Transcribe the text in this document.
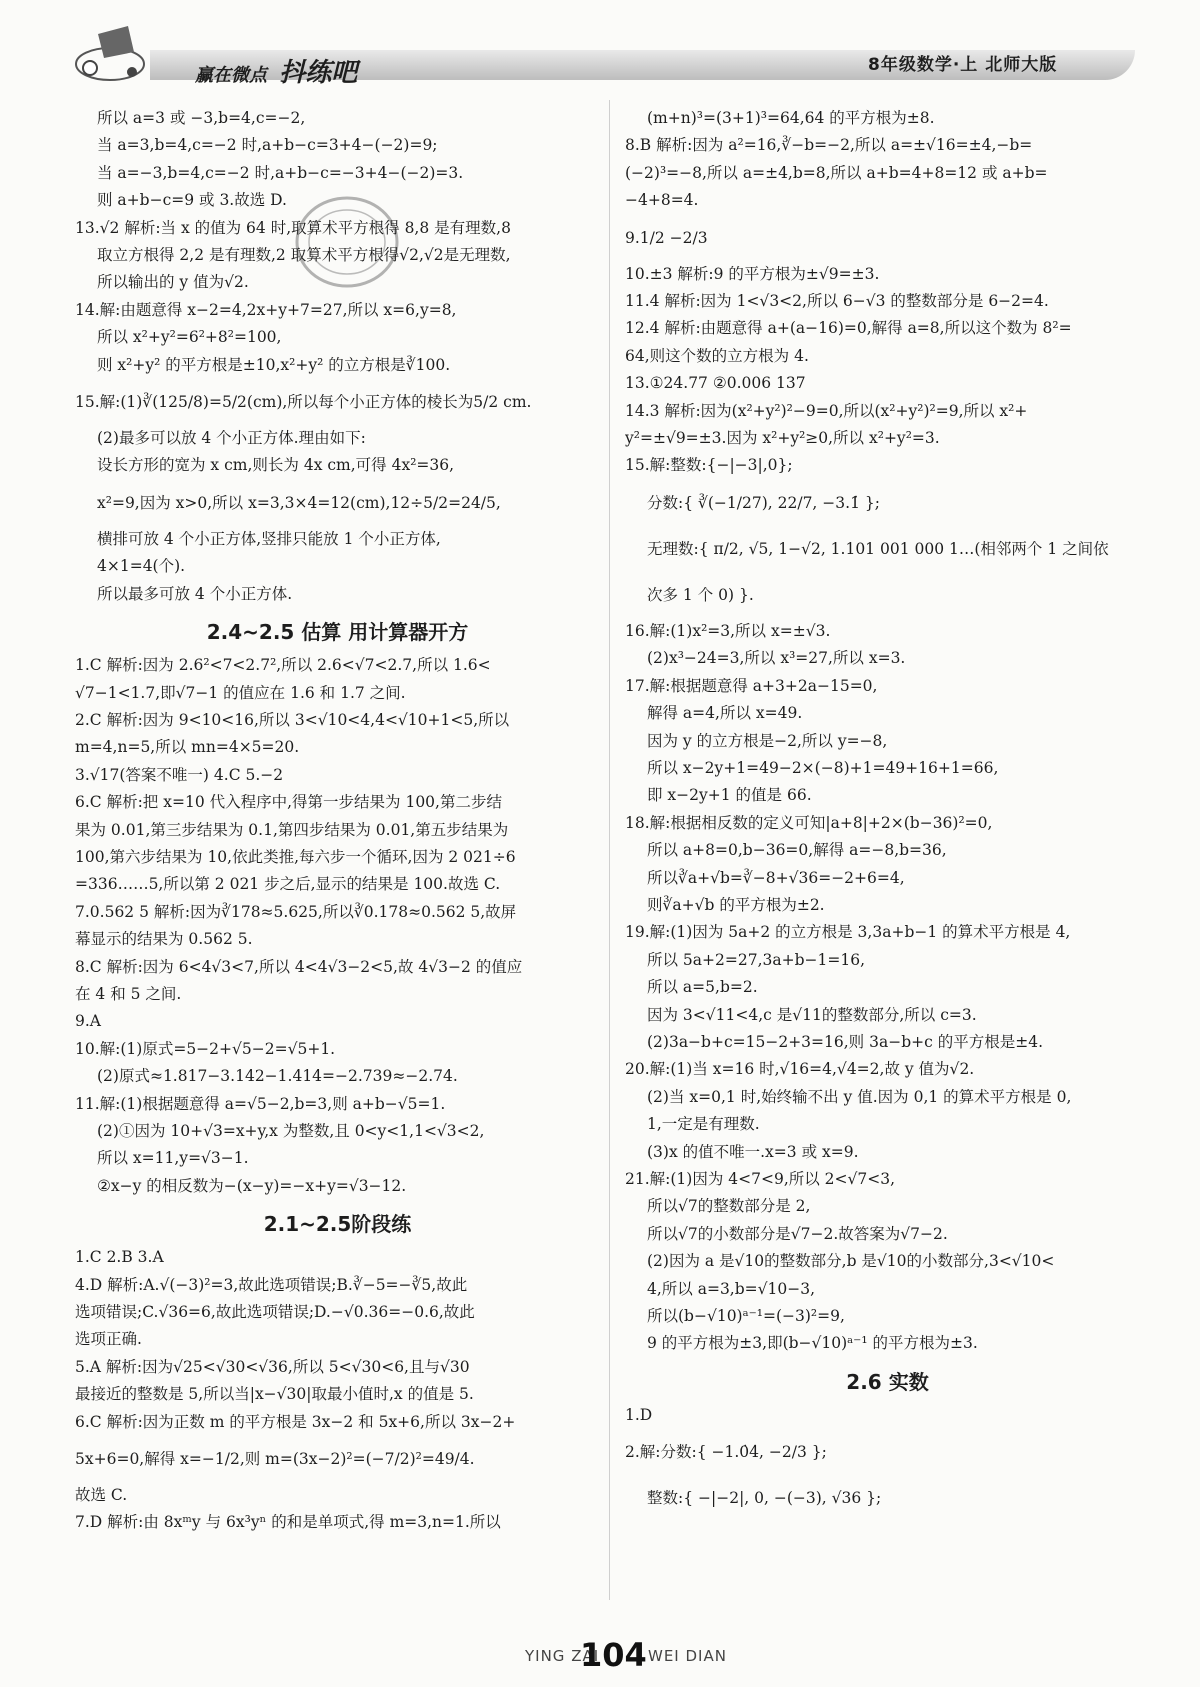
赢在微点 抖练吧	8年级数学·上 北师大版
所以 a=3 或 −3,b=4,c=−2,
当 a=3,b=4,c=−2 时,a+b−c=3+4−(−2)=9;
当 a=−3,b=4,c=−2 时,a+b−c=−3+4−(−2)=3.
则 a+b−c=9 或 3.故选 D.
13.√2 解析:当 x 的值为 64 时,取算术平方根得 8,8 是有理数,8
取立方根得 2,2 是有理数,2 取算术平方根得√2,√2是无理数,
所以输出的 y 值为√2.
14.解:由题意得 x−2=4,2x+y+7=27,所以 x=6,y=8,
所以 x²+y²=6²+8²=100,
则 x²+y² 的平方根是±10,x²+y² 的立方根是∛100.
15.解:(1)∛(125/8)=5/2(cm),所以每个小正方体的棱长为5/2 cm.
(2)最多可以放 4 个小正方体.理由如下:
设长方形的宽为 x cm,则长为 4x cm,可得 4x²=36,
x²=9,因为 x>0,所以 x=3,3×4=12(cm),12÷5/2=24/5,
横排可放 4 个小正方体,竖排只能放 1 个小正方体,
4×1=4(个).
所以最多可放 4 个小正方体.
2.4~2.5 估算 用计算器开方
1.C 解析:因为 2.6²<7<2.7²,所以 2.6<√7<2.7,所以 1.6<
√7−1<1.7,即√7−1 的值应在 1.6 和 1.7 之间.
2.C 解析:因为 9<10<16,所以 3<√10<4,4<√10+1<5,所以
m=4,n=5,所以 mn=4×5=20.
3.√17(答案不唯一) 4.C 5.−2
6.C 解析:把 x=10 代入程序中,得第一步结果为 100,第二步结
果为 0.01,第三步结果为 0.1,第四步结果为 0.01,第五步结果为
100,第六步结果为 10,依此类推,每六步一个循环,因为 2 021÷6
=336……5,所以第 2 021 步之后,显示的结果是 100.故选 C.
7.0.562 5 解析:因为∛178≈5.625,所以∛0.178≈0.562 5,故屏
幕显示的结果为 0.562 5.
8.C 解析:因为 6<4√3<7,所以 4<4√3−2<5,故 4√3−2 的值应
在 4 和 5 之间.
9.A
10.解:(1)原式=5−2+√5−2=√5+1.
(2)原式≈1.817−3.142−1.414=−2.739≈−2.74.
11.解:(1)根据题意得 a=√5−2,b=3,则 a+b−√5=1.
(2)①因为 10+√3=x+y,x 为整数,且 0<y<1,1<√3<2,
所以 x=11,y=√3−1.
②x−y 的相反数为−(x−y)=−x+y=√3−12.
2.1~2.5阶段练
1.C 2.B 3.A
4.D 解析:A.√(−3)²=3,故此选项错误;B.∛−5=−∛5,故此
选项错误;C.√36=6,故此选项错误;D.−√0.36=−0.6,故此
选项正确.
5.A 解析:因为√25<√30<√36,所以 5<√30<6,且与√30
最接近的整数是 5,所以当|x−√30|取最小值时,x 的值是 5.
6.C 解析:因为正数 m 的平方根是 3x−2 和 5x+6,所以 3x−2+
5x+6=0,解得 x=−1/2,则 m=(3x−2)²=(−7/2)²=49/4.
故选 C.
7.D 解析:由 8xᵐy 与 6x³yⁿ 的和是单项式,得 m=3,n=1.所以
(m+n)³=(3+1)³=64,64 的平方根为±8.
8.B 解析:因为 a²=16,∛−b=−2,所以 a=±√16=±4,−b=
(−2)³=−8,所以 a=±4,b=8,所以 a+b=4+8=12 或 a+b=
−4+8=4.
9.1/2 −2/3
10.±3 解析:9 的平方根为±√9=±3.
11.4 解析:因为 1<√3<2,所以 6−√3 的整数部分是 6−2=4.
12.4 解析:由题意得 a+(a−16)=0,解得 a=8,所以这个数为 8²=
64,则这个数的立方根为 4.
13.①24.77 ②0.006 137
14.3 解析:因为(x²+y²)²−9=0,所以(x²+y²)²=9,所以 x²+
y²=±√9=±3.因为 x²+y²≥0,所以 x²+y²=3.
15.解:整数:{−|−3|,0};
分数:{ ∛(−1/27), 22/7, −3.1̇ };
无理数:{ π/2, √5, 1−√2, 1.101 001 000 1…(相邻两个 1 之间依
次多 1 个 0) }.
16.解:(1)x²=3,所以 x=±√3.
(2)x³−24=3,所以 x³=27,所以 x=3.
17.解:根据题意得 a+3+2a−15=0,
解得 a=4,所以 x=49.
因为 y 的立方根是−2,所以 y=−8,
所以 x−2y+1=49−2×(−8)+1=49+16+1=66,
即 x−2y+1 的值是 66.
18.解:根据相反数的定义可知|a+8|+2×(b−36)²=0,
所以 a+8=0,b−36=0,解得 a=−8,b=36,
所以∛a+√b=∛−8+√36=−2+6=4,
则∛a+√b 的平方根为±2.
19.解:(1)因为 5a+2 的立方根是 3,3a+b−1 的算术平方根是 4,
所以 5a+2=27,3a+b−1=16,
所以 a=5,b=2.
因为 3<√11<4,c 是√11的整数部分,所以 c=3.
(2)3a−b+c=15−2+3=16,则 3a−b+c 的平方根是±4.
20.解:(1)当 x=16 时,√16=4,√4=2,故 y 值为√2.
(2)当 x=0,1 时,始终输不出 y 值.因为 0,1 的算术平方根是 0,
1,一定是有理数.
(3)x 的值不唯一.x=3 或 x=9.
21.解:(1)因为 4<7<9,所以 2<√7<3,
所以√7的整数部分是 2,
所以√7的小数部分是√7−2.故答案为√7−2.
(2)因为 a 是√10的整数部分,b 是√10的小数部分,3<√10<
4,所以 a=3,b=√10−3,
所以(b−√10)ᵃ⁻¹=(−3)²=9,
9 的平方根为±3,即(b−√10)ᵃ⁻¹ 的平方根为±3.
2.6 实数
1.D
2.解:分数:{ −1.0̇4̇, −2/3 };
整数:{ −|−2|, 0, −(−3), √36 };
YING ZAI
104 WEI DIAN
